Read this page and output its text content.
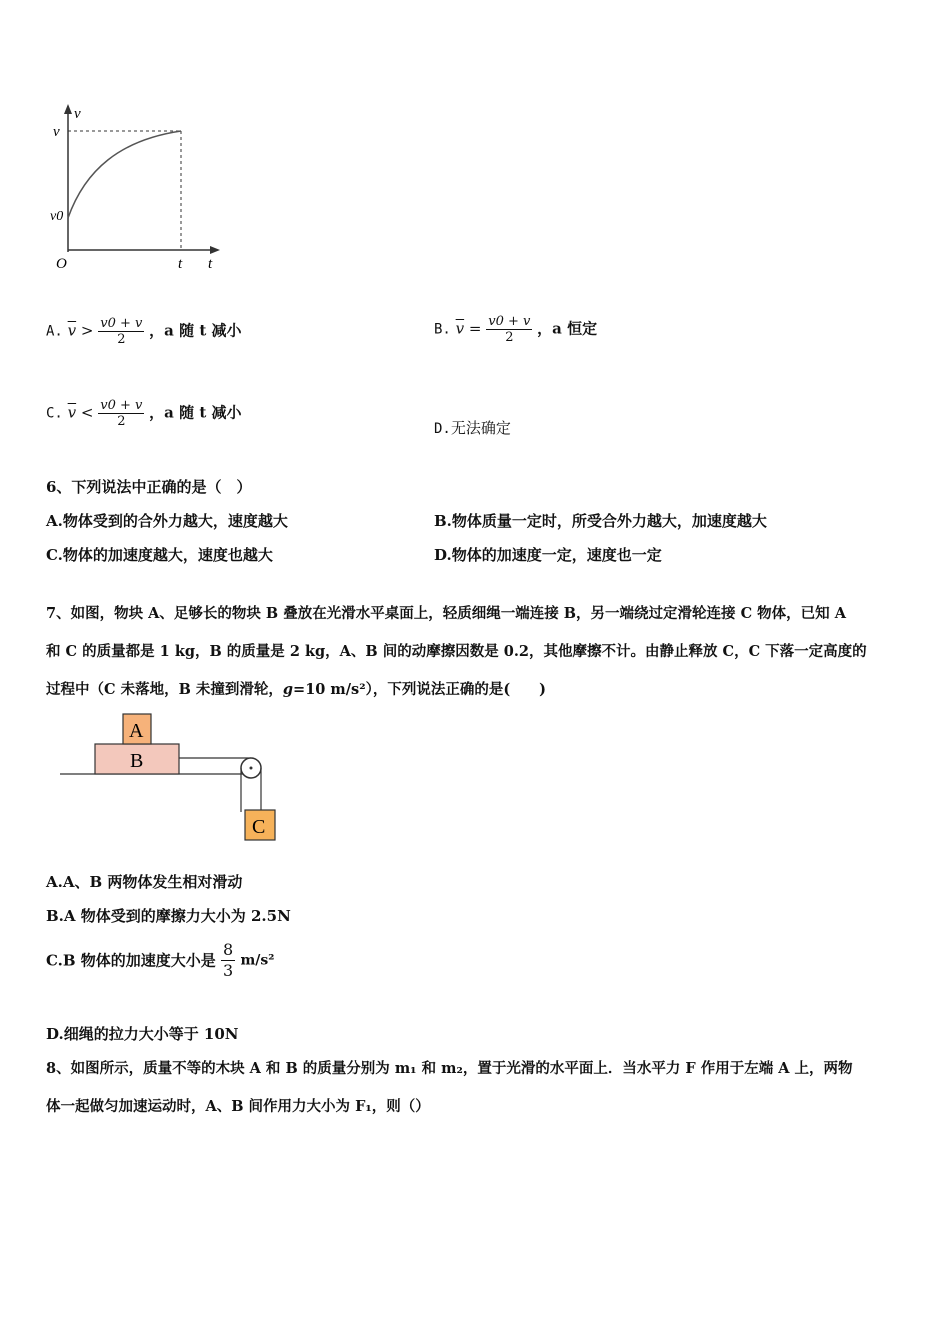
v
v
v0
O	t t
A. $\overline{v} > \frac{v0 + v}{2}$ ，a 随 t 减小	B. $\overline{v} = \frac{v0 + v}{2}$ ，a 恒定
C. $\overline{v} < \frac{v0 + v}{2}$ ，a 随 t 减小
D.无法确定
6、下列说法中正确的是（　）
A.物体受到的合外力越大，速度越大	B.物体质量一定时，所受合外力越大，加速度越大
C.物体的加速度越大，速度也越大	D.物体的加速度一定，速度也一定
7、如图，物块 A、足够长的物块 B 叠放在光滑水平桌面上，轻质细绳一端连接 B，另一端绕过定滑轮连接 C 物体，已知 A
和 C 的质量都是 1 kg，B 的质量是 2 kg，A、B 间的动摩擦因数是 0.2，其他摩擦不计。由静止释放 C，C 下落一定高度的
过程中（C 未落地，B 未撞到滑轮，g=10 m/s²），下列说法正确的是(　　)
A
B
C
A.A、B 两物体发生相对滑动
B.A 物体受到的摩擦力大小为 2.5N
C.B 物体的加速度大小是 $\frac{8}{3} m/s^2$
D.细绳的拉力大小等于 10N
8、如图所示，质量不等的木块 A 和 B 的质量分别为 m₁ 和 m₂，置于光滑的水平面上．当水平力 F 作用于左端 A 上，两物
体一起做匀加速运动时，A、B 间作用力大小为 F₁，则（）
